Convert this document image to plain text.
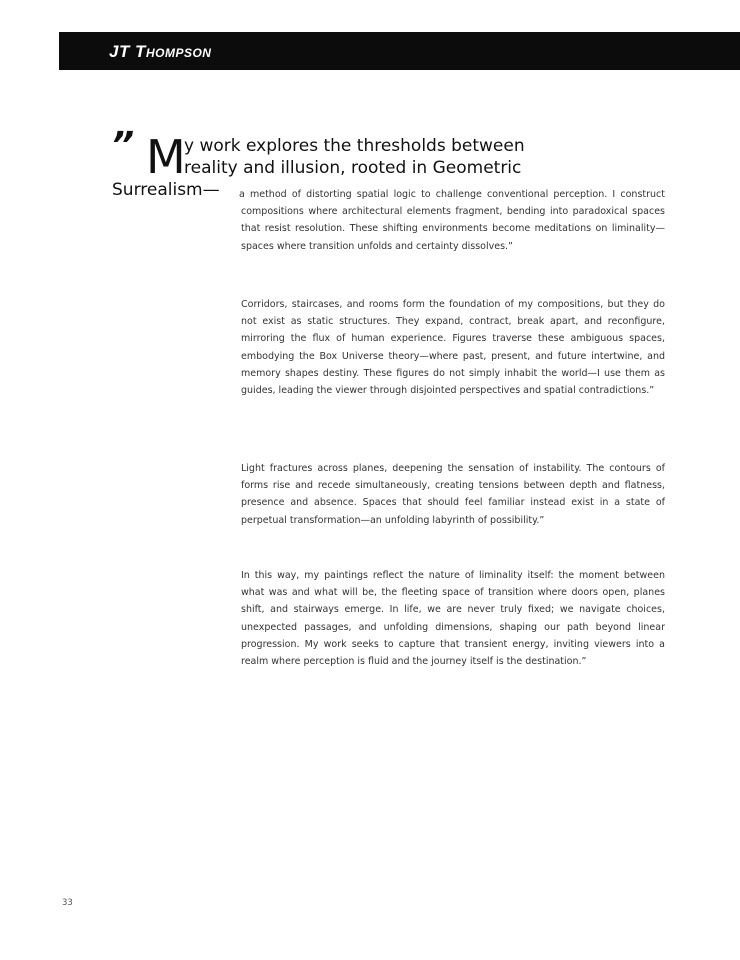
JT THOMPSON
” M
y work explores the thresholds between
reality and illusion, rooted in Geometric
Surrealism— a method of distorting spatial logic to challenge conventional perception. I construct compositions where architectural elements fragment, bending into paradoxical spaces that resist resolution. These shifting environments become meditations on liminality—spaces where transition unfolds and certainty dissolves.”
Corridors, staircases, and rooms form the foundation of my compositions, but they do not exist as static structures. They expand, contract, break apart, and reconfigure, mirroring the flux of human experience. Figures traverse these ambiguous spaces, embodying the Box Universe theory—where past, present, and future intertwine, and memory shapes destiny. These figures do not simply inhabit the world—I use them as guides, leading the viewer through disjointed perspectives and spatial contradictions.”
Light fractures across planes, deepening the sensation of instability. The contours of forms rise and recede simultaneously, creating tensions between depth and flatness, presence and absence. Spaces that should feel familiar instead exist in a state of perpetual transformation—an unfolding labyrinth of possibility.”
In this way, my paintings reflect the nature of liminality itself: the moment between what was and what will be, the fleeting space of transition where doors open, planes shift, and stairways emerge. In life, we are never truly fixed; we navigate choices, unexpected passages, and unfolding dimensions, shaping our path beyond linear progression. My work seeks to capture that transient energy, inviting viewers into a realm where perception is fluid and the journey itself is the destination.”
33
